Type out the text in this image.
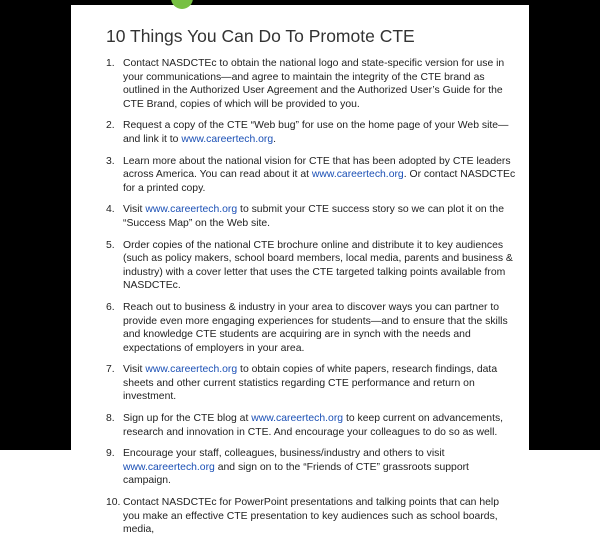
10 Things You Can Do To Promote CTE
1. Contact NASDCTEc to obtain the national logo and state-specific version for use in your communications—and agree to maintain the integrity of the CTE brand as outlined in the Authorized User Agreement and the Authorized User’s Guide for the CTE Brand, copies of which will be provided to you.
2. Request a copy of the CTE “Web bug” for use on the home page of your Web site—and link it to www.careertech.org.
3. Learn more about the national vision for CTE that has been adopted by CTE leaders across America. You can read about it at www.careertech.org. Or contact NASDCTEc for a printed copy.
4. Visit www.careertech.org to submit your CTE success story so we can plot it on the “Success Map” on the Web site.
5. Order copies of the national CTE brochure online and distribute it to key audiences (such as policy makers, school board members, local media, parents and business & industry) with a cover letter that uses the CTE targeted talking points available from NASDCTEc.
6. Reach out to business & industry in your area to discover ways you can partner to provide even more engaging experiences for students—and to ensure that the skills and knowledge CTE students are acquiring are in synch with the needs and expectations of employers in your area.
7. Visit www.careertech.org to obtain copies of white papers, research findings, data sheets and other current statistics regarding CTE performance and return on investment.
8. Sign up for the CTE blog at www.careertech.org to keep current on advancements, research and innovation in CTE. And encourage your colleagues to do so as well.
9. Encourage your staff, colleagues, business/industry and others to visit www.careertech.org and sign on to the “Friends of CTE” grassroots support campaign.
10. Contact NASDCTEc for PowerPoint presentations and talking points that can help you make an effective CTE presentation to key audiences such as school boards, media,
